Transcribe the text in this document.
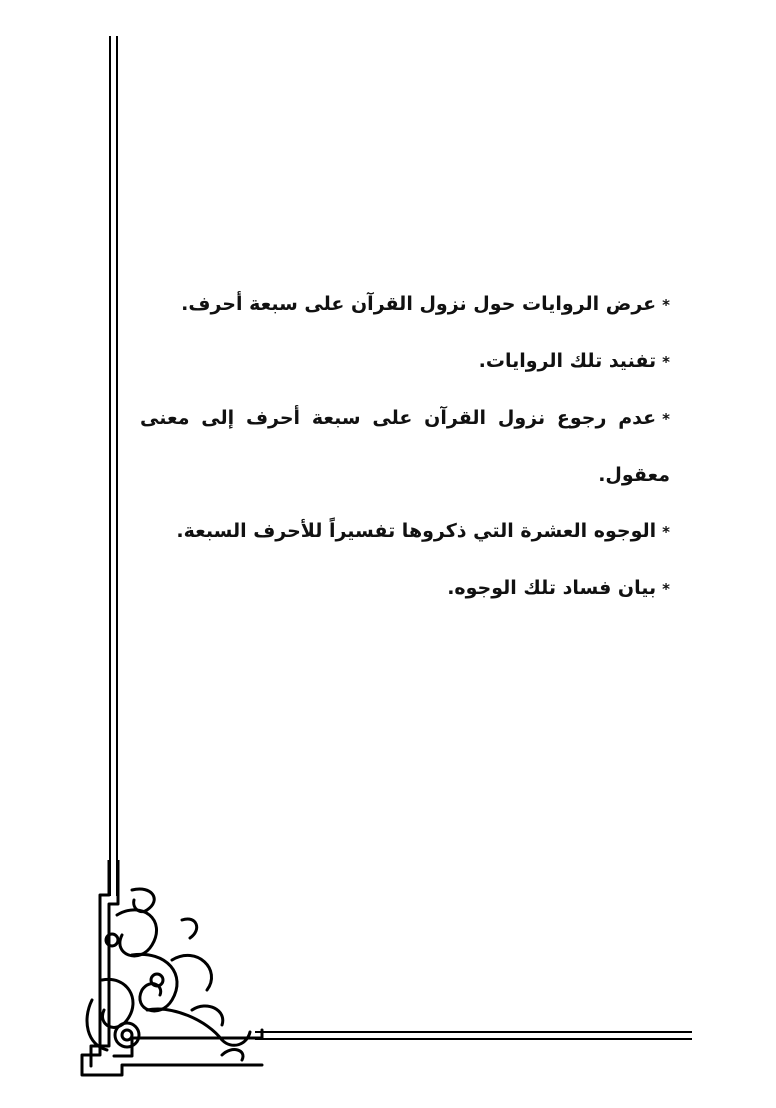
*عرض الروايات حول نزول القرآن على سبعة أحرف.

*تفنيد تلك الروايات.

*عدم رجوع نزول القرآن على سبعة أحرف إلى معنى معقول.

*الوجوه العشرة التي ذكروها تفسيراً للأحرف السبعة.

*بيان فساد تلك الوجوه.
